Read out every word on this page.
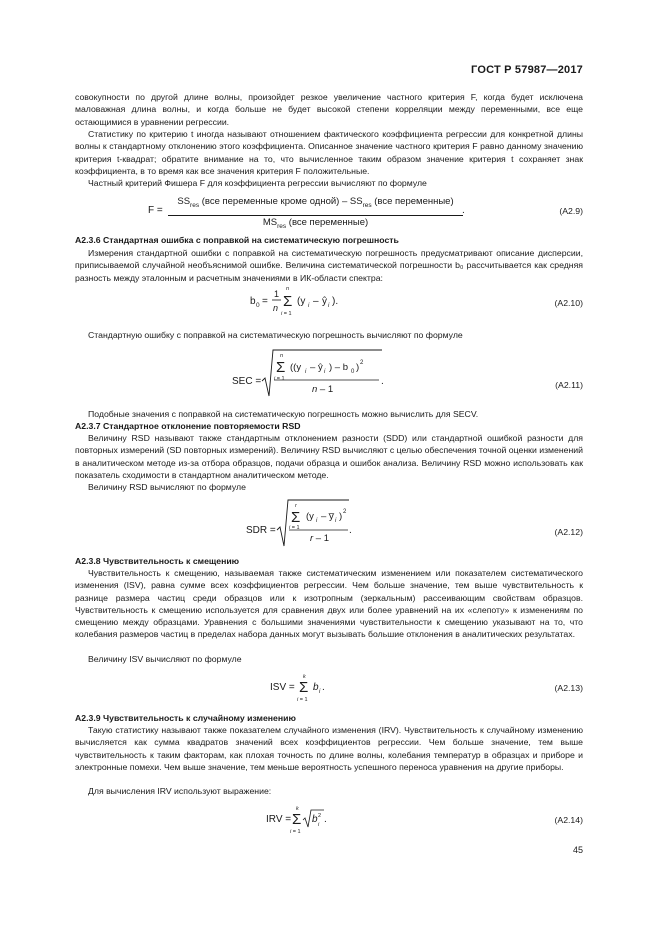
ГОСТ Р 57987—2017
совокупности по другой длине волны, произойдет резкое увеличение частного критерия F, когда будет исключена маловажная длина волны, и когда больше не будет высокой степени корреляции между переменными, все еще остающимися в уравнении регрессии.
Статистику по критерию t иногда называют отношением фактического коэффициента регрессии для конкретной длины волны к стандартному отклонению этого коэффициента. Описанное значение частного критерия F равно данному значению критерия t-квадрат; обратите внимание на то, что вычисленное таким образом значение критерия t сохраняет знак коэффициента, в то время как все значения критерия F положительные.
Частный критерий Фишера F для коэффициента регрессии вычисляют по формуле
F =
$SS_{res}$ (все переменные кроме одной) – $SS_{res}$ (все переменные)
$MS_{res}$ (все переменные)
.	(А2.9)
А2.3.6 Стандартная ошибка с поправкой на систематическую погрешность
Измерения стандартной ошибки с поправкой на систематическую погрешность предусматривают описание дисперсии, приписываемой случайной необъяснимой ошибке. Величина систематической погрешности b₀ рассчитывается как средняя разность между эталонным и расчетным значениями в ИК-области спектра:
b 0 =
1
n
n
Σ
i = 1
(y i – ŷ i ).	(А2.10)
Стандартную ошибку с поправкой на систематическую погрешность вычисляют по формуле
SEC =
n
Σ
i = 1
((y i – ŷ i ) – b 0 ) 2
n – 1
.	(А2.11)
Подобные значения с поправкой на систематическую погрешность можно вычислить для SECV.
А2.3.7 Стандартное отклонение повторяемости RSD
Величину RSD называют также стандартным отклонением разности (SDD) или стандартной ошибкой разности для повторных измерений (SD повторных измерений). Величину RSD вычисляют с целью обеспечения точной оценки изменений в аналитическом методе из-за отбора образцов, подачи образца и ошибок анализа. Величину RSD можно использовать как показатель сходимости в стандартном аналитическом методе.
Величину RSD вычисляют по формуле
SDR =
r
Σ
i = 1
(y i – y̅ i ) 2
r – 1
.	(А2.12)
А2.3.8 Чувствительность к смещению
Чувствительность к смещению, называемая также систематическим изменением или показателем систематического изменения (ISV), равна сумме всех коэффициентов регрессии. Чем больше значение, тем выше чувствительность к разнице размера частиц среди образцов или к изотропным (зеркальным) рассеивающим свойствам образцов. Чувствительность к смещению используется для сравнения двух или более уравнений на их «слепоту» к изменениям по смещению между образцами. Уравнения с большими значениями чувствительности к смещению указывают на то, что колебания размеров частиц в пределах набора данных могут вызывать большие отклонения в аналитических результатах.
Величину ISV вычисляют по формуле
ISV =
k
Σ
i = 1
b i .	(А2.13)
А2.3.9 Чувствительность к случайному изменению
Такую статистику называют также показателем случайного изменения (IRV). Чувствительность к случайному изменению вычисляется как сумма квадратов значений всех коэффициентов регрессии. Чем больше значение, тем выше чувствительность к таким факторам, как плохая точность по длине волны, колебания температур в образцах и приборе и электронные помехи. Чем выше значение, тем меньше вероятность успешного переноса уравнения на другие приборы.
Для вычисления IRV используют выражение:
IRV =
k
Σ
i = 1
b 2
i .	(А2.14)
45
